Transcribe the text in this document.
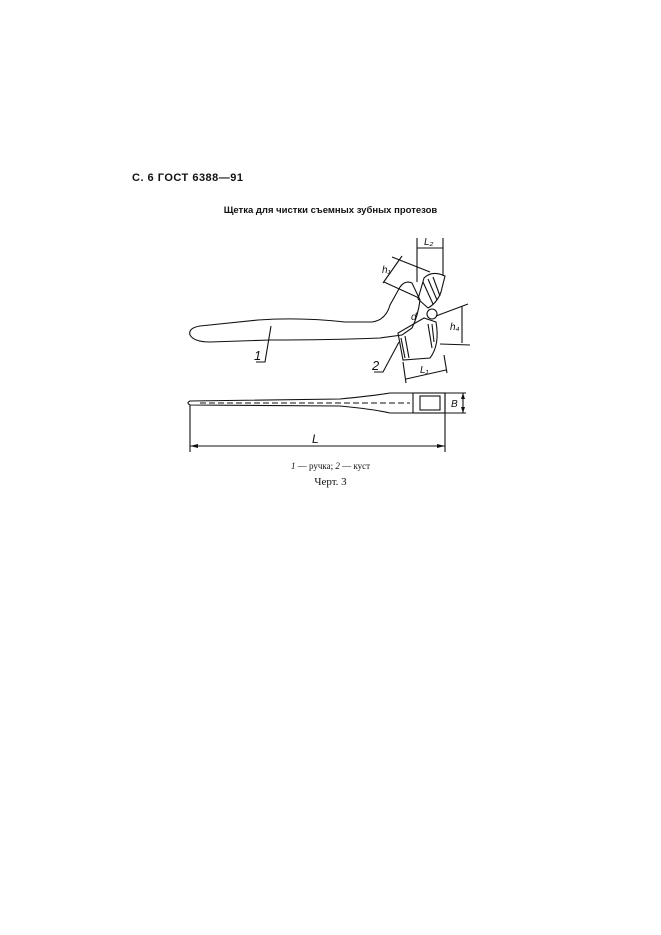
С. 6 ГОСТ 6388—91
Щетка для чистки съемных зубных протезов
1
2
L
L₁
L₂
h₁
h₄
d
B
1 — ручка; 2 — куст
Черт. 3
